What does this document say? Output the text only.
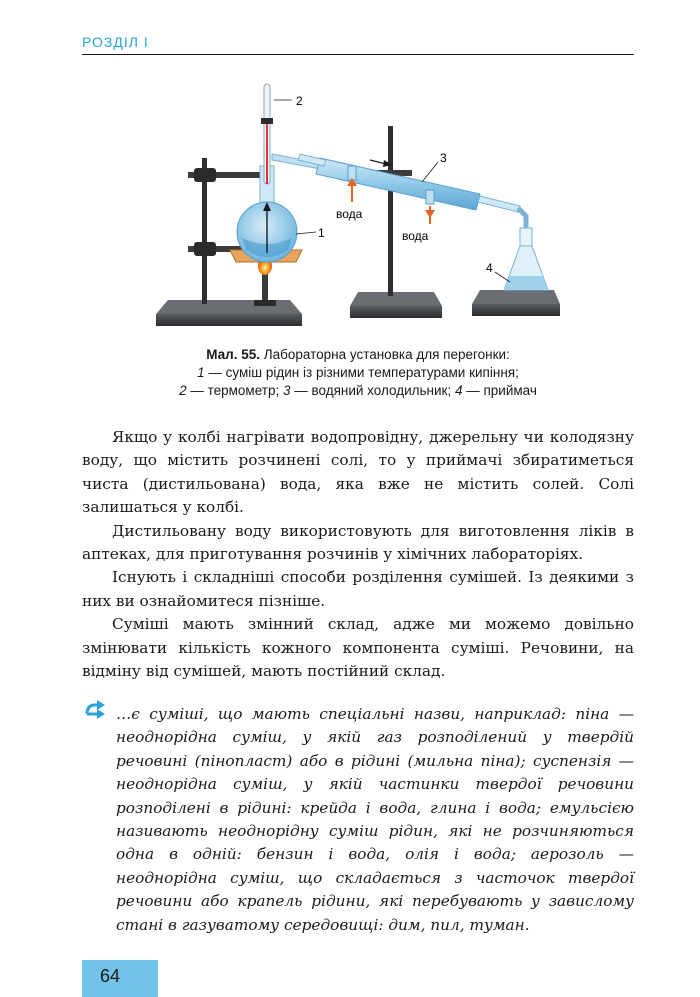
РОЗДІЛ І
2
1
3
4
вода
вода
Мал. 55. Лабораторна установка для перегонки:
1 — суміш рідин із різними температурами кипіння;
2 — термометр; 3 — водяний холодильник; 4 — приймач

Якщо у колбі нагрівати водопровідну, джерельну чи колодязну воду, що містить розчинені солі, то у приймачі збиратиметься чиста (дистильована) вода, яка вже не містить солей. Солі залишаться у колбі.

Дистильовану воду використовують для виготовлення ліків в аптеках, для приготування розчинів у хімічних лабораторіях.

Існують і складніші способи розділення сумішей. Із деякими з них ви ознайомитеся пізніше.

Суміші мають змінний склад, адже ми можемо довільно змінювати кількість кожного компонента суміші. Речовини, на відміну від сумішей, мають постійний склад.

…є суміші, що мають спеціальні назви, наприклад: піна — неоднорідна суміш, у якій газ розподілений у твердій речовині (пінопласт) або в рідині (мильна піна); суспензія — неоднорідна суміш, у якій частинки твердої речовини розподілені в рідині: крейда і вода, глина і вода; емульсією називають неоднорідну суміш рідин, які не розчиняються одна в одній: бензин і вода, олія і вода; аерозоль — неоднорідна суміш, що складається з часточок твердої речовини або крапель рідини, які перебувають у завислому стані в газуватому середовищі: дим, пил, туман.
64
